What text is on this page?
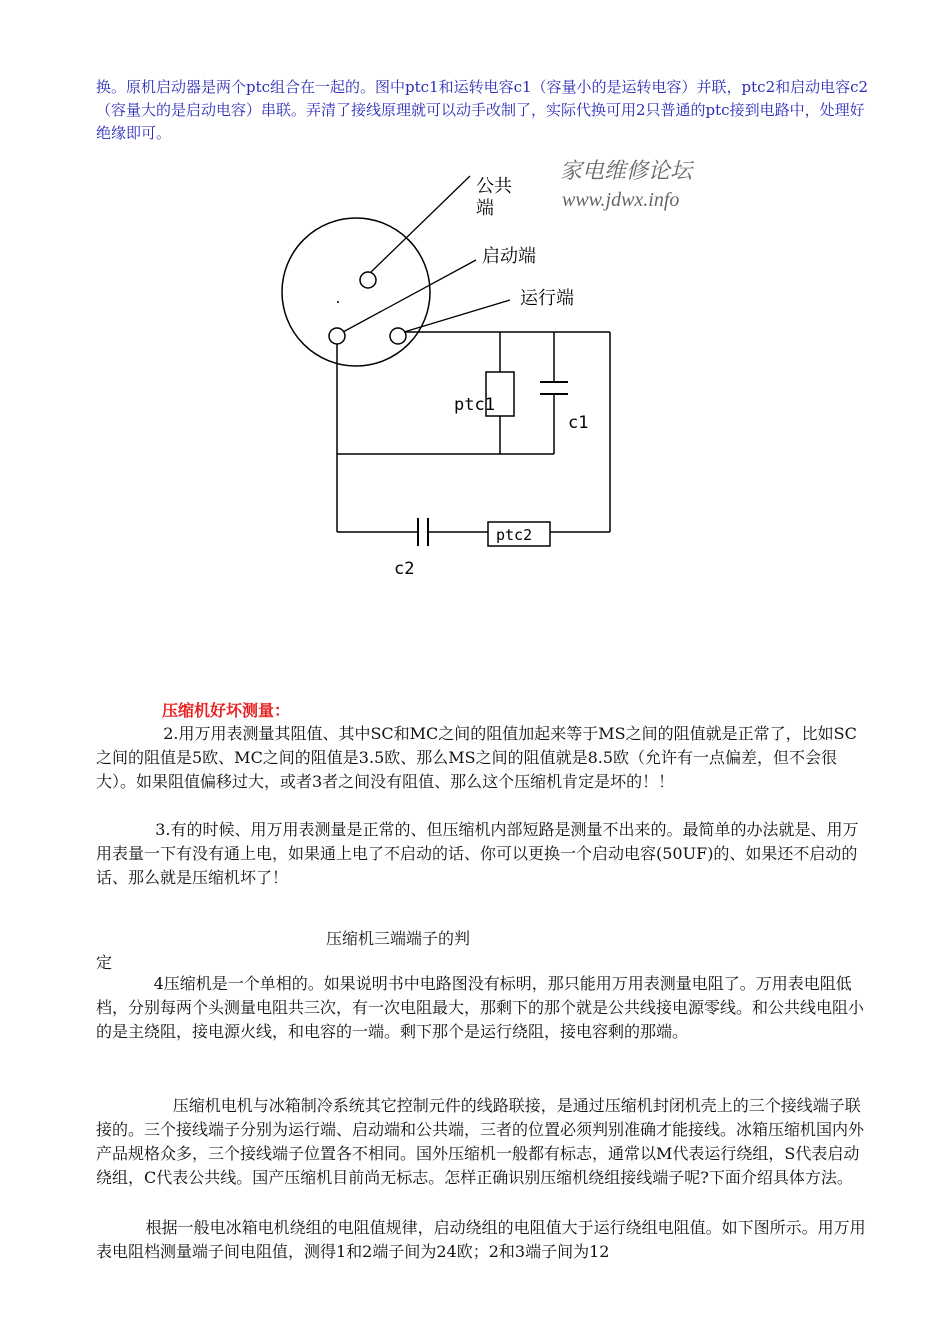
换。原机启动器是两个ptc组合在一起的。图中ptc1和运转电容c1（容量小的是运转电容）并联，ptc2和启动电容c2（容量大的是启动电容）串联。弄清了接线原理就可以动手改制了，实际代换可用2只普通的ptc接到电路中，处理好绝缘即可。

家电维修论坛
www.jdwx.info
公共
端
启动端
运行端
ptc1
c1
ptc2
c2

压缩机好坏测量：

2.用万用表测量其阻值、其中SC和MC之间的阻值加起来等于MS之间的阻值就是正常了，比如SC之间的阻值是5欧、MC之间的阻值是3.5欧、那么MS之间的阻值就是8.5欧（允许有一点偏差，但不会很大）。如果阻值偏移过大，或者3者之间没有阻值、那么这个压缩机肯定是坏的！！

3.有的时候、用万用表测量是正常的、但压缩机内部短路是测量不出来的。最简单的办法就是、用万用表量一下有没有通上电，如果通上电了不启动的话、你可以更换一个启动电容(50UF)的、如果还不启动的话、那么就是压缩机坏了！

压缩机三端端子的判

定

4压缩机是一个单相的。如果说明书中电路图没有标明，那只能用万用表测量电阻了。万用表电阻低档，分别每两个头测量电阻共三次，有一次电阻最大，那剩下的那个就是公共线接电源零线。和公共线电阻小的是主绕阻，接电源火线，和电容的一端。剩下那个是运行绕阻，接电容剩的那端。

压缩机电机与冰箱制冷系统其它控制元件的线路联接，是通过压缩机封闭机壳上的三个接线端子联接的。三个接线端子分别为运行端、启动端和公共端，三者的位置必须判别准确才能接线。冰箱压缩机国内外产品规格众多，三个接线端子位置各不相同。国外压缩机一般都有标志，通常以M代表运行绕组，S代表启动绕组，C代表公共线。国产压缩机目前尚无标志。怎样正确识别压缩机绕组接线端子呢?下面介绍具体方法。

根据一般电冰箱电机绕组的电阻值规律，启动绕组的电阻值大于运行绕组电阻值。如下图所示。用万用表电阻档测量端子间电阻值，测得1和2端子间为24欧；2和3端子间为12
